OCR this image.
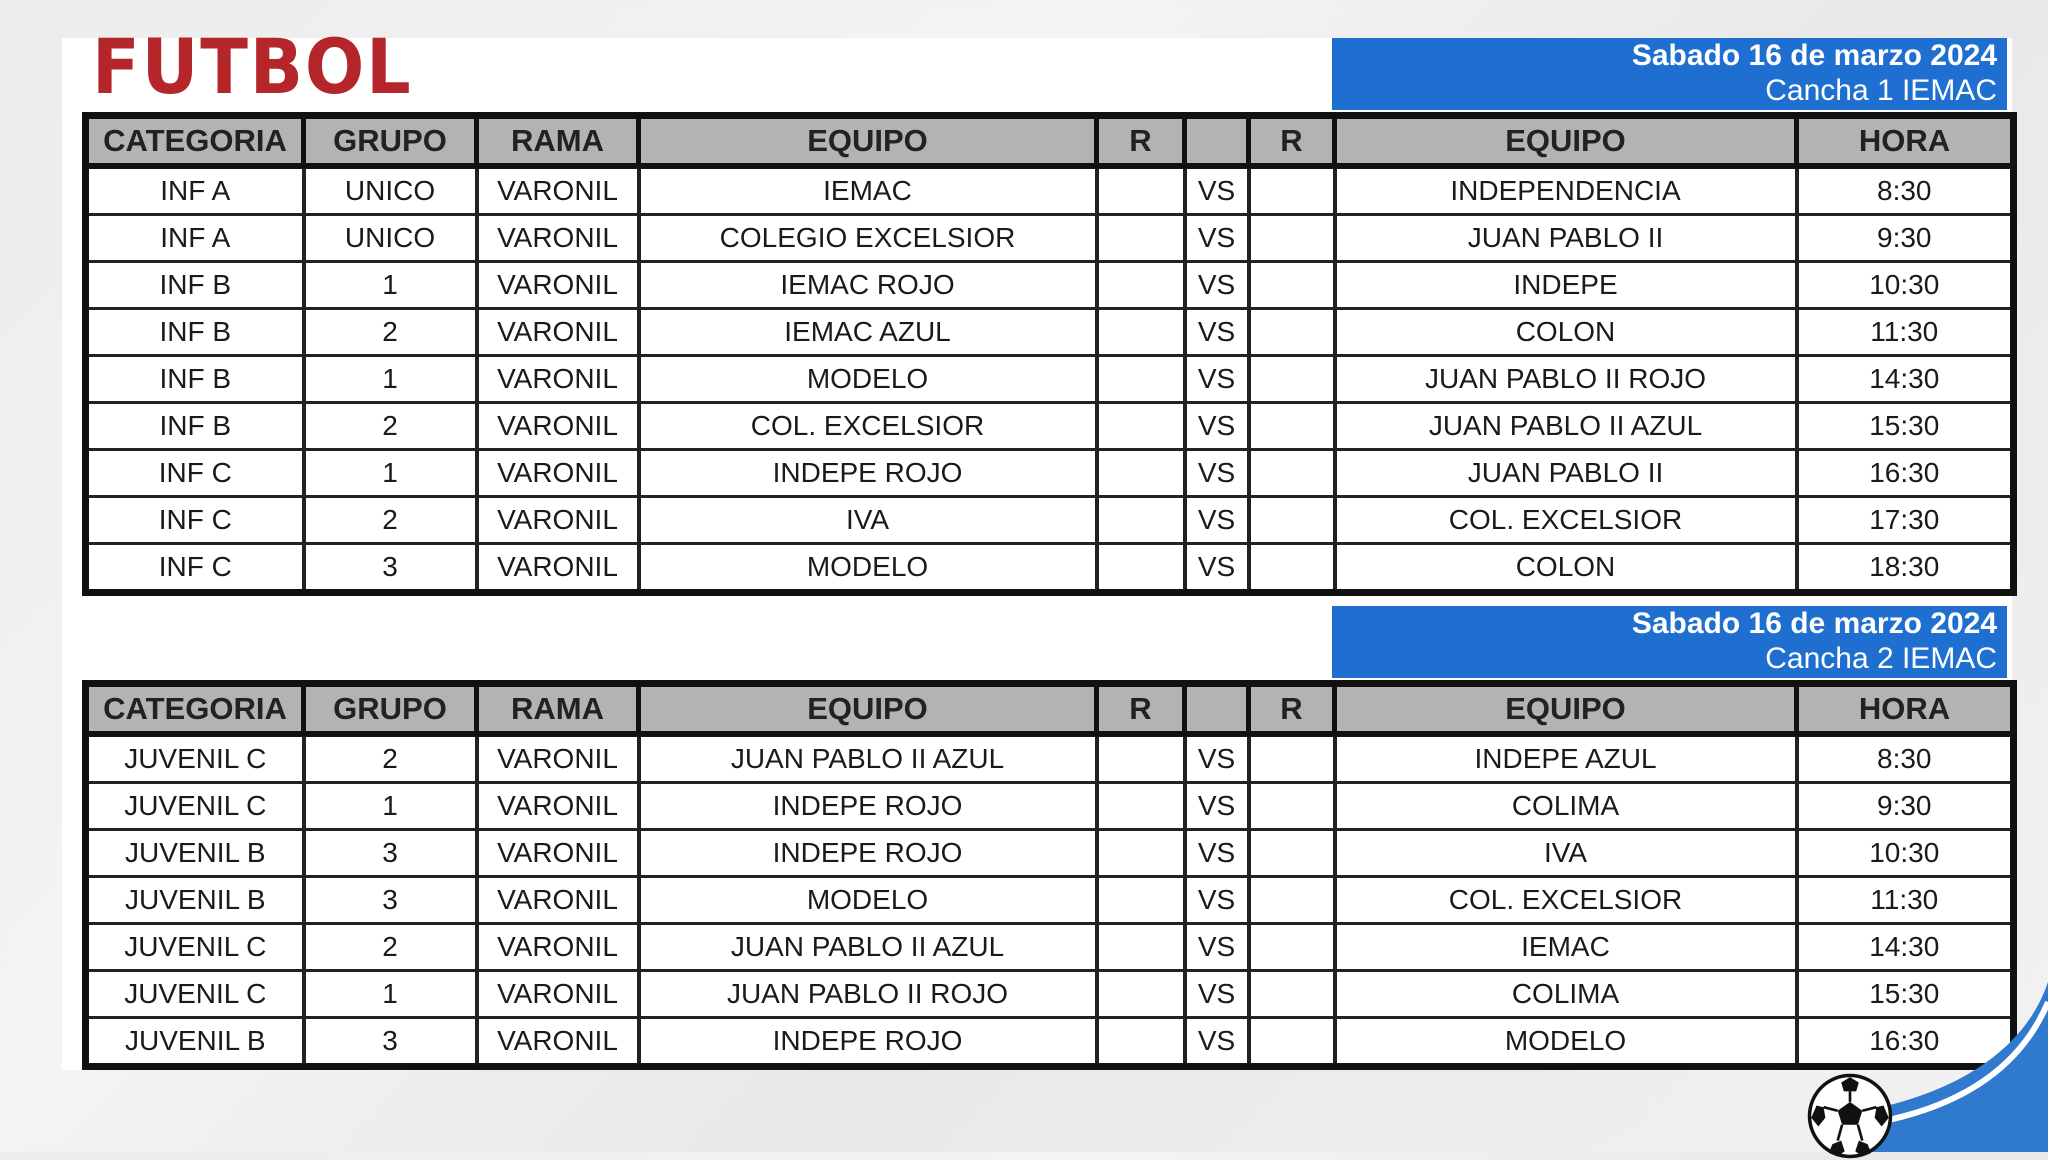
FUTBOL	Sabado 16 de marzo 2024
Cancha 1 IEMAC
CATEGORIA	GRUPO	RAMA	EQUIPO	R		R	EQUIPO	HORA
INF A	UNICO	VARONIL	IEMAC		VS		INDEPENDENCIA	8:30
INF A	UNICO	VARONIL	COLEGIO EXCELSIOR		VS		JUAN PABLO II	9:30
INF B	1	VARONIL	IEMAC ROJO		VS		INDEPE	10:30
INF B	2	VARONIL	IEMAC AZUL		VS		COLON	11:30
INF B	1	VARONIL	MODELO		VS		JUAN PABLO II ROJO	14:30
INF B	2	VARONIL	COL. EXCELSIOR		VS		JUAN PABLO II AZUL	15:30
INF C	1	VARONIL	INDEPE ROJO		VS		JUAN PABLO II	16:30
INF C	2	VARONIL	IVA		VS		COL. EXCELSIOR	17:30
INF C	3	VARONIL	MODELO		VS		COLON	18:30
Sabado 16 de marzo 2024
Cancha 2 IEMAC
CATEGORIA	GRUPO	RAMA	EQUIPO	R		R	EQUIPO	HORA
JUVENIL C	2	VARONIL	JUAN PABLO II AZUL		VS		INDEPE AZUL	8:30
JUVENIL C	1	VARONIL	INDEPE ROJO		VS		COLIMA	9:30
JUVENIL B	3	VARONIL	INDEPE ROJO		VS		IVA	10:30
JUVENIL B	3	VARONIL	MODELO		VS		COL. EXCELSIOR	11:30
JUVENIL C	2	VARONIL	JUAN PABLO II AZUL		VS		IEMAC	14:30
JUVENIL C	1	VARONIL	JUAN PABLO II ROJO		VS		COLIMA	15:30
JUVENIL B	3	VARONIL	INDEPE ROJO		VS		MODELO	16:30
